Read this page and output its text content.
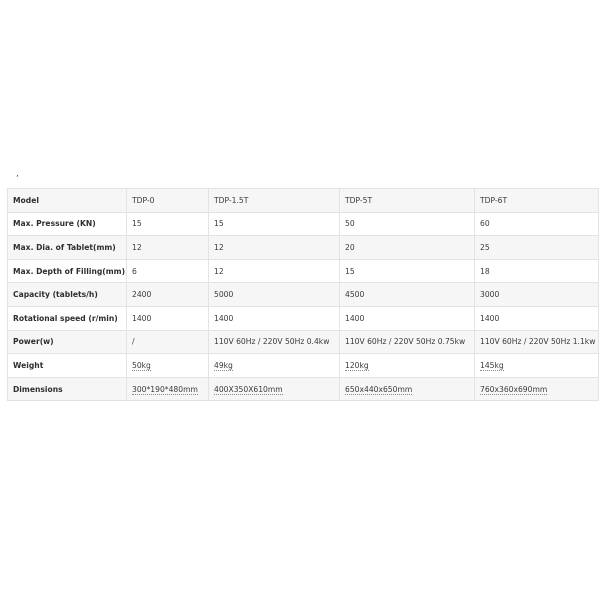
,
Model	TDP-0	TDP-1.5T	TDP-5T	TDP-6T
Max. Pressure (KN)	15	15	50	60
Max. Dia. of Tablet(mm)	12	12	20	25
Max. Depth of Filling(mm)	6	12	15	18
Capacity (tablets/h)	2400	5000	4500	3000
Rotational speed (r/min)	1400	1400	1400	1400
Power(w)	/	110V 60Hz / 220V 50Hz 0.4kw	110V 60Hz / 220V 50Hz 0.75kw	110V 60Hz / 220V 50Hz 1.1kw
Weight	50kg	49kg	120kg	145kg
Dimensions	300*190*480mm	400X350X610mm	650x440x650mm	760x360x690mm
